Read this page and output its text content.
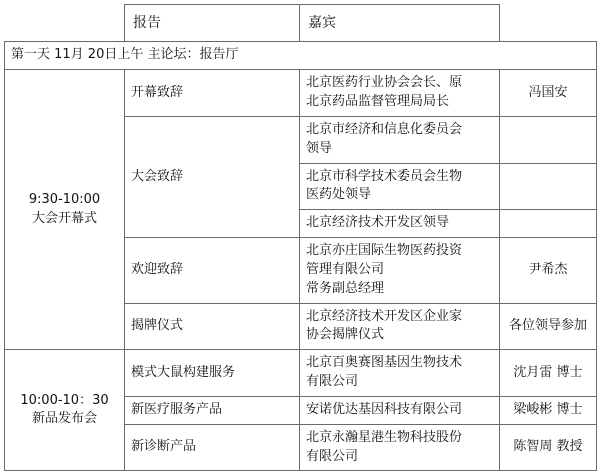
	报告	嘉宾	
第一天 11月 20日上午 主论坛：报告厅			

9:30-10:00
大会开幕式	开幕致辞	北京医药行业协会会长、原
北京药品监督管理局局长	冯国安

	大会致辞	北京市经济和信息化委员会
领导	

		北京市科学技术委员会生物
医药处领导	

		北京经济技术开发区领导	

	欢迎致辞	北京亦庄国际生物医药投资
管理有限公司
常务副总经理	尹希杰
	揭牌仪式	北京经济技术开发区企业家
协会揭牌仪式	各位领导参加

10:00-10：30
新品发布会	模式大鼠构建服务	北京百奥赛图基因生物技术
有限公司	沈月雷 博士
	新医疗服务产品	安诺优达基因科技有限公司	梁峻彬 博士
	新诊断产品	北京永瀚星港生物科技股份
有限公司	陈智周 教授
